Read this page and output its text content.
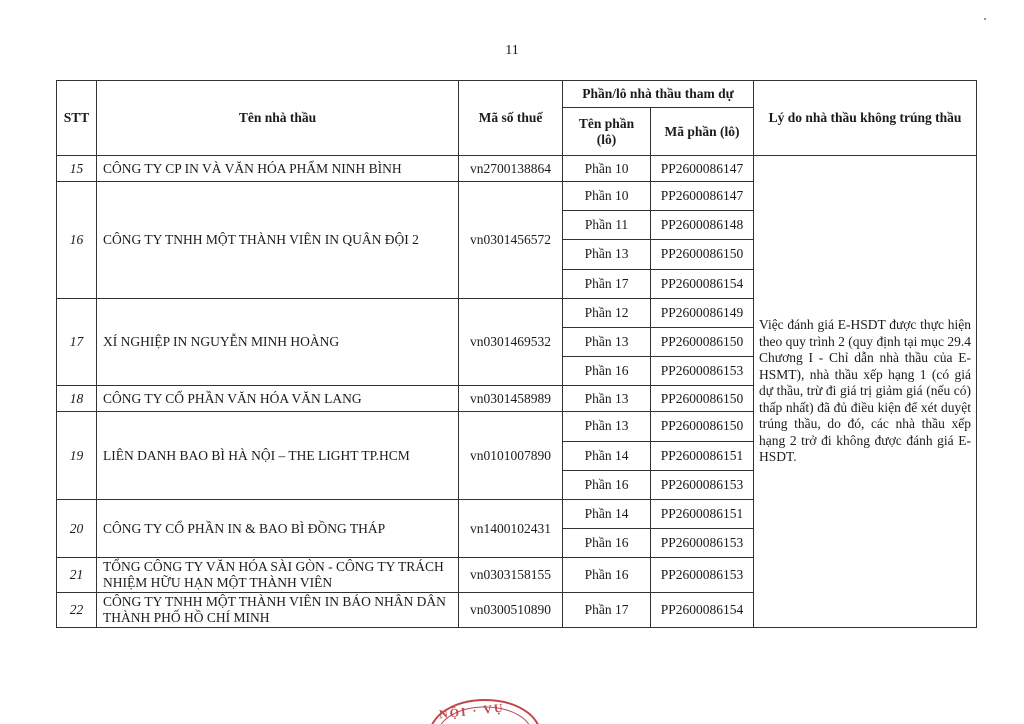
11
STT	Tên nhà thầu	Mã số thuế	Phần/lô nhà thầu tham dự		Lý do nhà thầu không trúng thầu
			Tên phần (lô)	Mã phần (lô)	
15	CÔNG TY CP IN VÀ VĂN HÓA PHẨM NINH BÌNH	vn2700138864	Phần 10	PP2600086147	Việc đánh giá E-HSDT được thực hiện theo quy trình 2 (quy định tại mục 29.4 Chương I - Chỉ dẫn nhà thầu của E-HSMT), nhà thầu xếp hạng 1 (có giá dự thầu, trừ đi giá trị giảm giá (nếu có) thấp nhất) đã đủ điều kiện để xét duyệt trúng thầu, do đó, các nhà thầu xếp hạng 2 trở đi không được đánh giá E-HSDT.
16	CÔNG TY TNHH MỘT THÀNH VIÊN IN QUÂN ĐỘI 2	vn0301456572	Phần 10	PP2600086147	
			Phần 11	PP2600086148	
			Phần 13	PP2600086150	
			Phần 17	PP2600086154	
17	XÍ NGHIỆP IN NGUYỄN MINH HOÀNG	vn0301469532	Phần 12	PP2600086149	
			Phần 13	PP2600086150	
			Phần 16	PP2600086153	
18	CÔNG TY CỔ PHẦN VĂN HÓA VĂN LANG	vn0301458989	Phần 13	PP2600086150	
19	LIÊN DANH BAO BÌ HÀ NỘI – THE LIGHT TP.HCM	vn0101007890	Phần 13	PP2600086150	
			Phần 14	PP2600086151	
			Phần 16	PP2600086153	
20	CÔNG TY CỔ PHẦN IN & BAO BÌ ĐỒNG THÁP	vn1400102431	Phần 14	PP2600086151	
			Phần 16	PP2600086153	
21	TỔNG CÔNG TY VĂN HÓA SÀI GÒN - CÔNG TY TRÁCH NHIỆM HỮU HẠN MỘT THÀNH VIÊN	vn0303158155	Phần 16	PP2600086153	
22	CÔNG TY TNHH MỘT THÀNH VIÊN IN BÁO NHÂN DÂN THÀNH PHỐ HỒ CHÍ MINH	vn0300510890	Phần 17	PP2600086154	
NỘI · VỤ
